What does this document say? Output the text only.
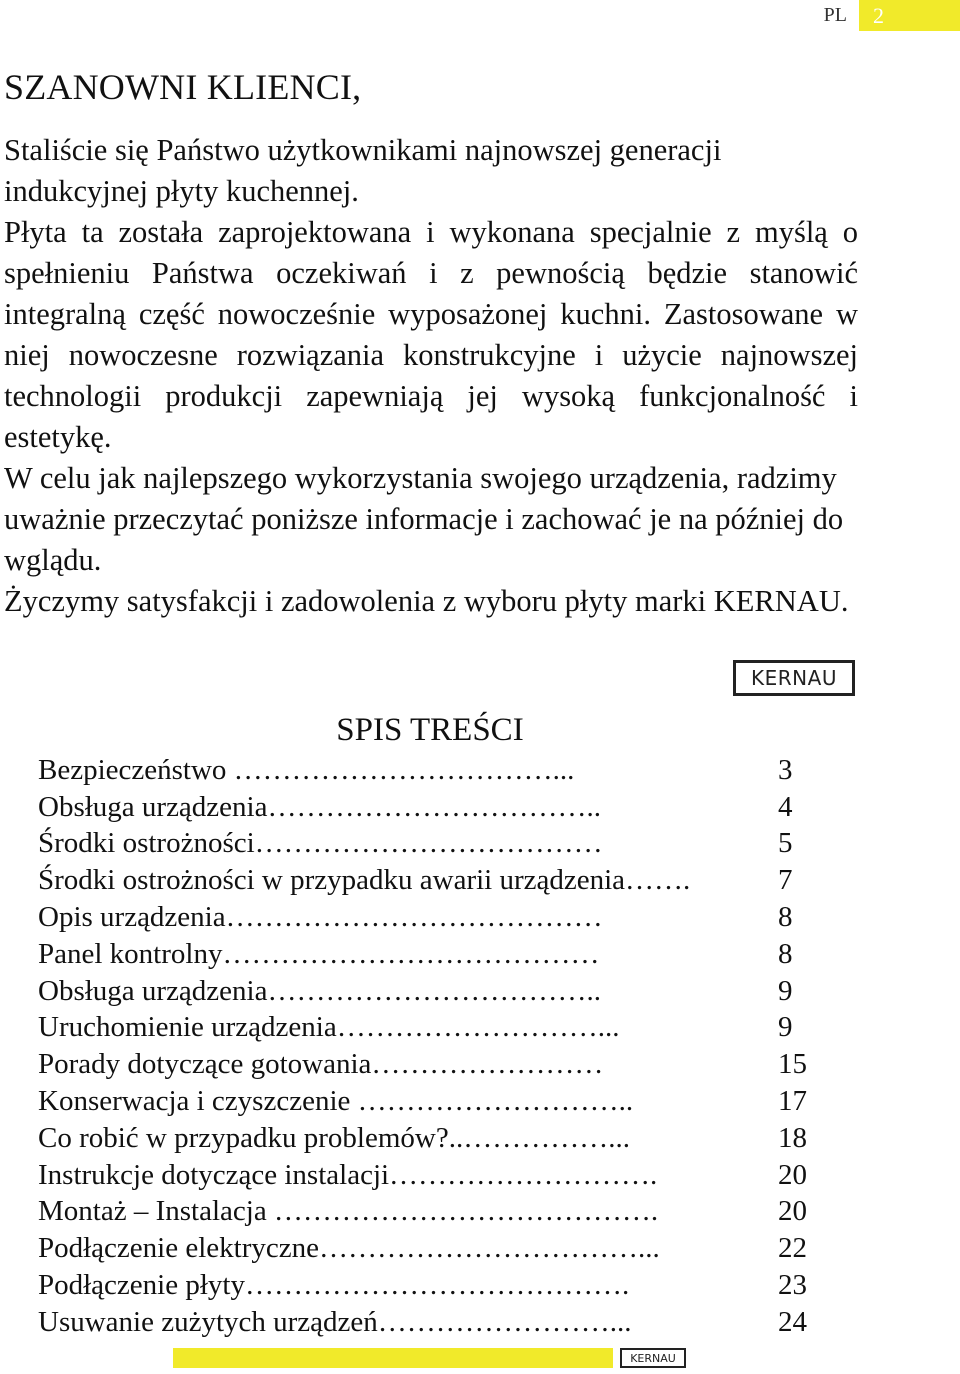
PL 2
SZANOWNI KLIENCI,

Staliście się Państwo użytkownikami najnowszej generacji indukcyjnej płyty kuchennej.

Płyta ta została zaprojektowana i wykonana specjalnie z myślą o spełnieniu Państwa oczekiwań i z pewnością będzie stanowić integralną część nowocześnie wyposażonej kuchni. Zastosowane w niej nowoczesne rozwiązania konstrukcyjne i użycie najnowszej technologii produkcji zapewniają jej wysoką funkcjonalność i estetykę.

W celu jak najlepszego wykorzystania swojego urządzenia, radzimy uważnie przeczytać poniższe informacje i zachować je na później do wglądu.

Życzymy satysfakcji i zadowolenia z wyboru płyty marki KERNAU.

KERNAU
SPIS TREŚCI
Bezpieczeństwo ……………………………...	3
Obsługa urządzenia……………………………..	4
Środki ostrożności………………………………	5
Środki ostrożności w przypadku awarii urządzenia…….	7
Opis urządzenia…………………………………	8
Panel kontrolny…………………………………	8
Obsługa urządzenia……………………………..	9
Uruchomienie urządzenia………………………...	9
Porady dotyczące gotowania……………………	15
Konserwacja i czyszczenie ………………………..	17
Co robić w przypadku problemów?..……………...	18
Instrukcje dotyczące instalacji……………………….	20
Montaż – Instalacja ………………………………….	20
Podłączenie elektryczne……………………………...	22
Podłączenie płyty………………………………….	23
Usuwanie zużytych urządzeń……………………...	24
KERNAU
